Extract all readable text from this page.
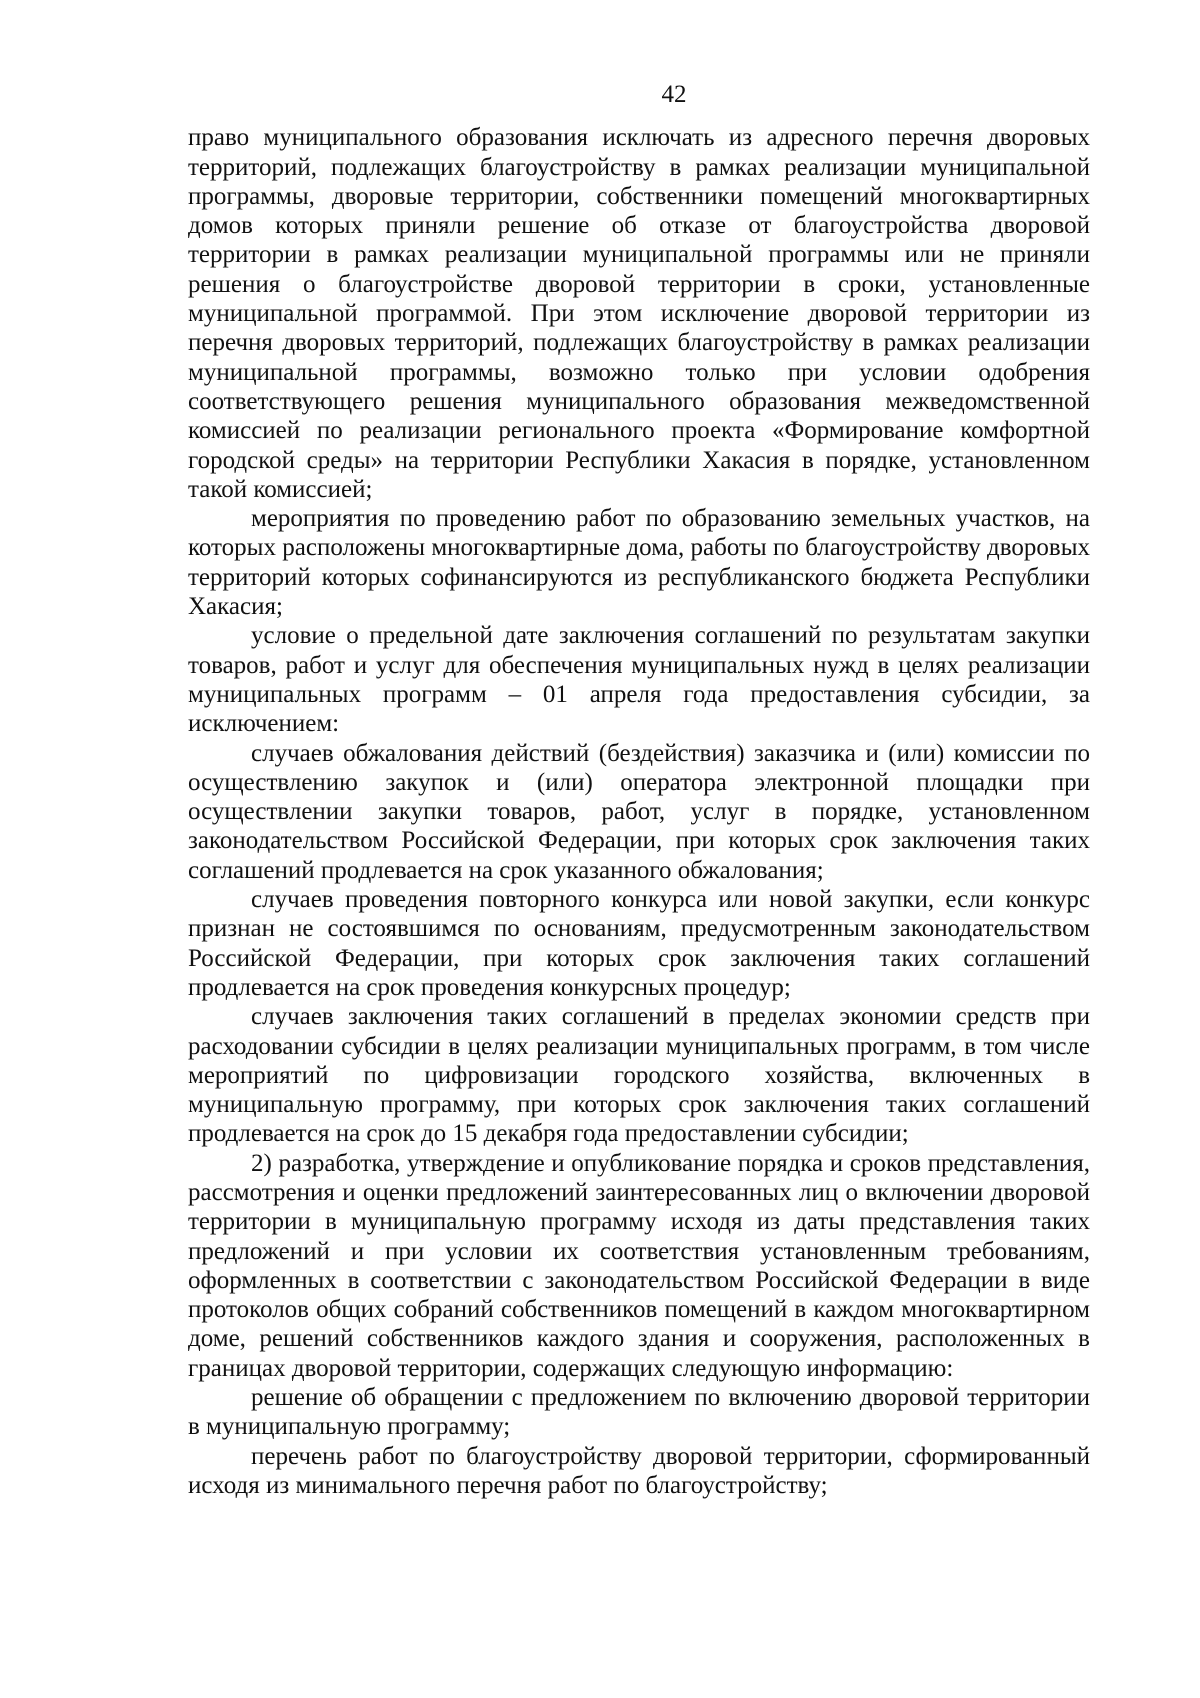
42

право муниципального образования исключать из адресного перечня дворовых территорий, подлежащих благоустройству в рамках реализации муниципальной программы, дворовые территории, собственники помещений многоквартирных домов которых приняли решение об отказе от благоустройства дворовой территории в рамках реализации муниципальной программы или не приняли решения о благоустройстве дворовой территории в сроки, установленные муниципальной программой. При этом исключение дворовой территории из перечня дворовых территорий, подлежащих благоустройству в рамках реализации муниципальной программы, возможно только при условии одобрения соответствующего решения муниципального образования межведомственной комиссией по реализации регионального проекта «Формирование комфортной городской среды» на территории Республики Хакасия в порядке, установленном такой комиссией;

мероприятия по проведению работ по образованию земельных участков, на которых расположены многоквартирные дома, работы по благоустройству дворовых территорий которых софинансируются из республиканского бюджета Республики Хакасия;

условие о предельной дате заключения соглашений по результатам закупки товаров, работ и услуг для обеспечения муниципальных нужд в целях реализации муниципальных программ – 01 апреля года предоставления субсидии, за исключением:

случаев обжалования действий (бездействия) заказчика и (или) комиссии по осуществлению закупок и (или) оператора электронной площадки при осуществлении закупки товаров, работ, услуг в порядке, установленном законодательством Российской Федерации, при которых срок заключения таких соглашений продлевается на срок указанного обжалования;

случаев проведения повторного конкурса или новой закупки, если конкурс признан не состоявшимся по основаниям, предусмотренным законодательством Российской Федерации, при которых срок заключения таких соглашений продлевается на срок проведения конкурсных процедур;

случаев заключения таких соглашений в пределах экономии средств при расходовании субсидии в целях реализации муниципальных программ, в том числе мероприятий по цифровизации городского хозяйства, включенных в муниципальную программу, при которых срок заключения таких соглашений продлевается на срок до 15 декабря года предоставлении субсидии;

2) разработка, утверждение и опубликование порядка и сроков представления, рассмотрения и оценки предложений заинтересованных лиц о включении дворовой территории в муниципальную программу исходя из даты представления таких предложений и при условии их соответствия установленным требованиям, оформленных в соответствии с законодательством Российской Федерации в виде протоколов общих собраний собственников помещений в каждом многоквартирном доме, решений собственников каждого здания и сооружения, расположенных в границах дворовой территории, содержащих следующую информацию:

решение об обращении с предложением по включению дворовой территории в муниципальную программу;

перечень работ по благоустройству дворовой территории, сформированный исходя из минимального перечня работ по благоустройству;
